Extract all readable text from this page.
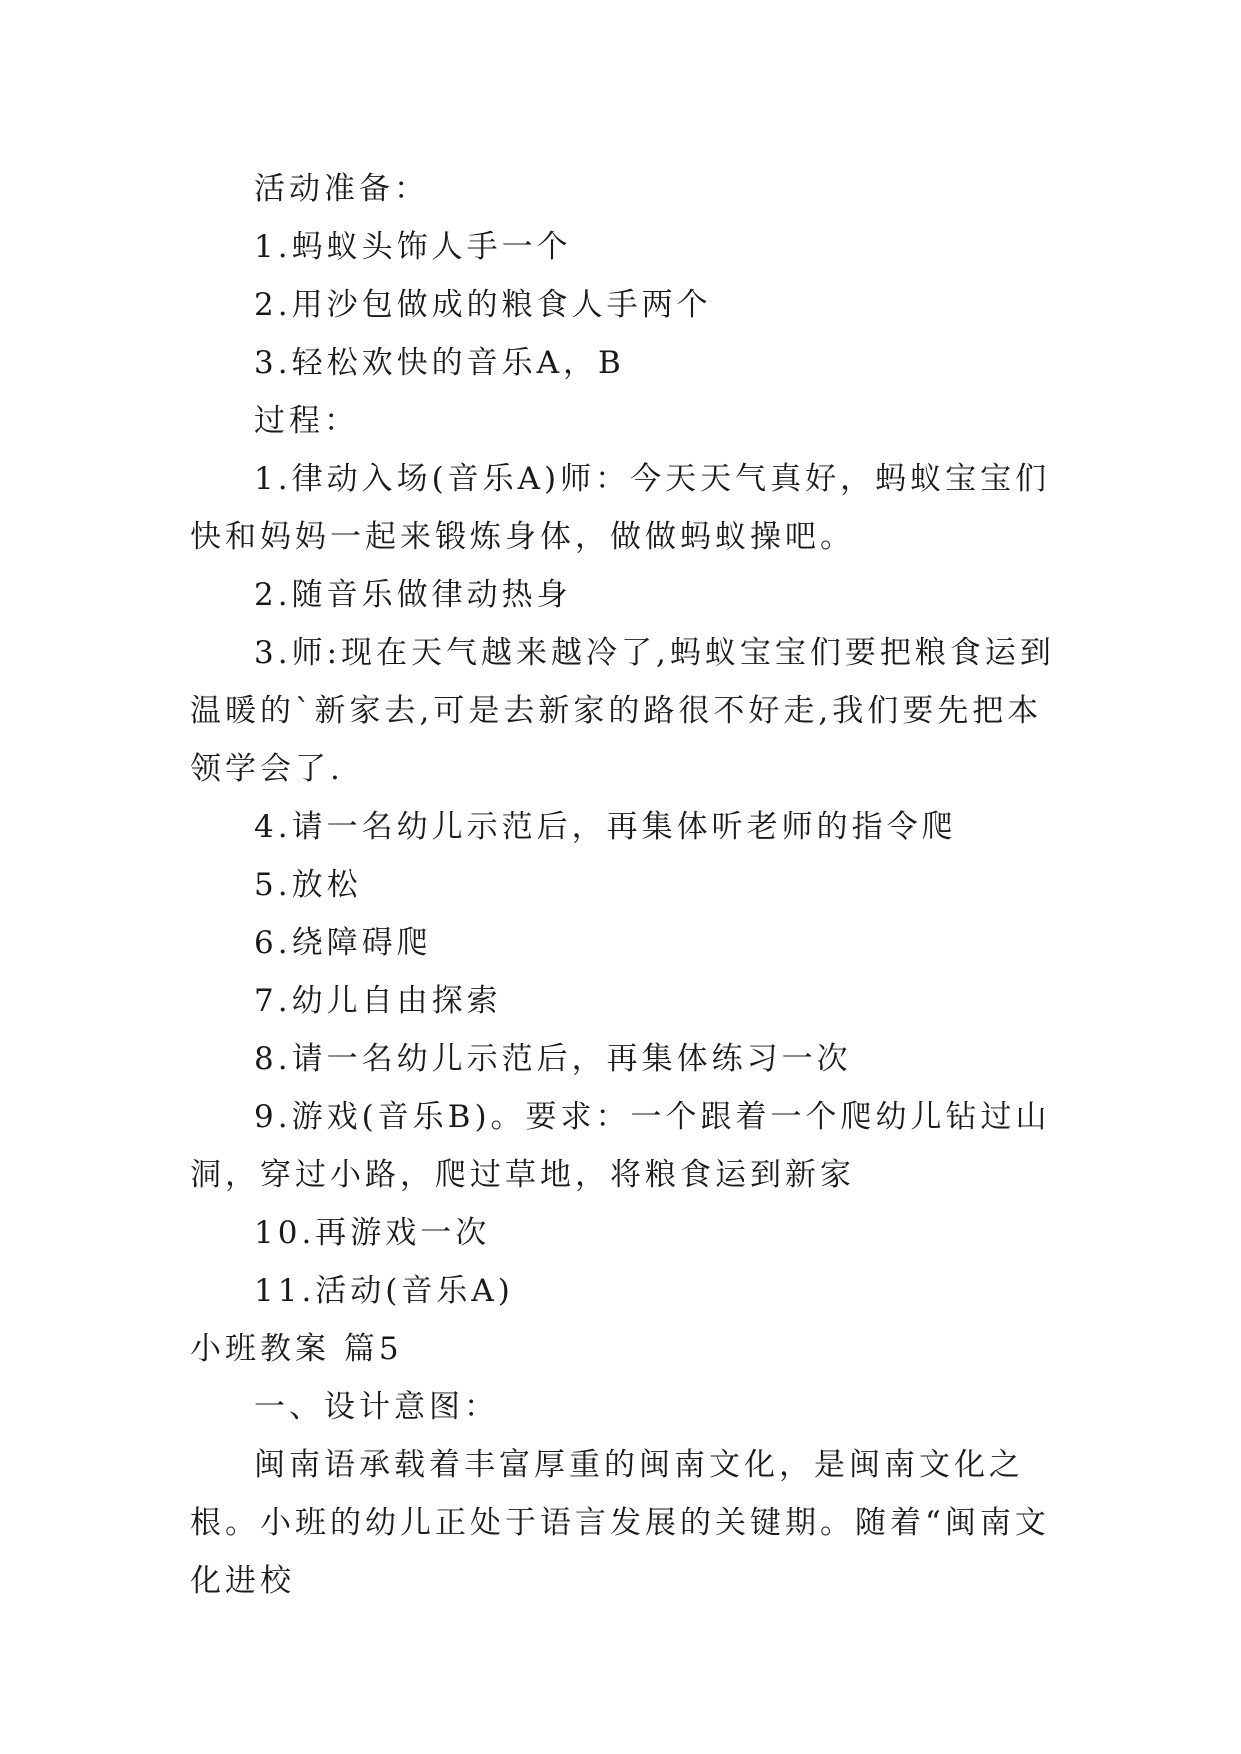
活动准备：

1.蚂蚁头饰人手一个

2.用沙包做成的粮食人手两个

3.轻松欢快的音乐A，B

过程：

1.律动入场(音乐A)师：今天天气真好，蚂蚁宝宝们快和妈妈一起来锻炼身体，做做蚂蚁操吧。

2.随音乐做律动热身

3.师:现在天气越来越冷了,蚂蚁宝宝们要把粮食运到温暖的`新家去,可是去新家的路很不好走,我们要先把本领学会了.

4.请一名幼儿示范后，再集体听老师的指令爬

5.放松

6.绕障碍爬

7.幼儿自由探索

8.请一名幼儿示范后，再集体练习一次

9.游戏(音乐B)。要求：一个跟着一个爬幼儿钻过山洞，穿过小路，爬过草地，将粮食运到新家

10.再游戏一次

11.活动(音乐A)

小班教案 篇5

一、设计意图：

闽南语承载着丰富厚重的闽南文化，是闽南文化之根。小班的幼儿正处于语言发展的关键期。随着“闽南文化进校
